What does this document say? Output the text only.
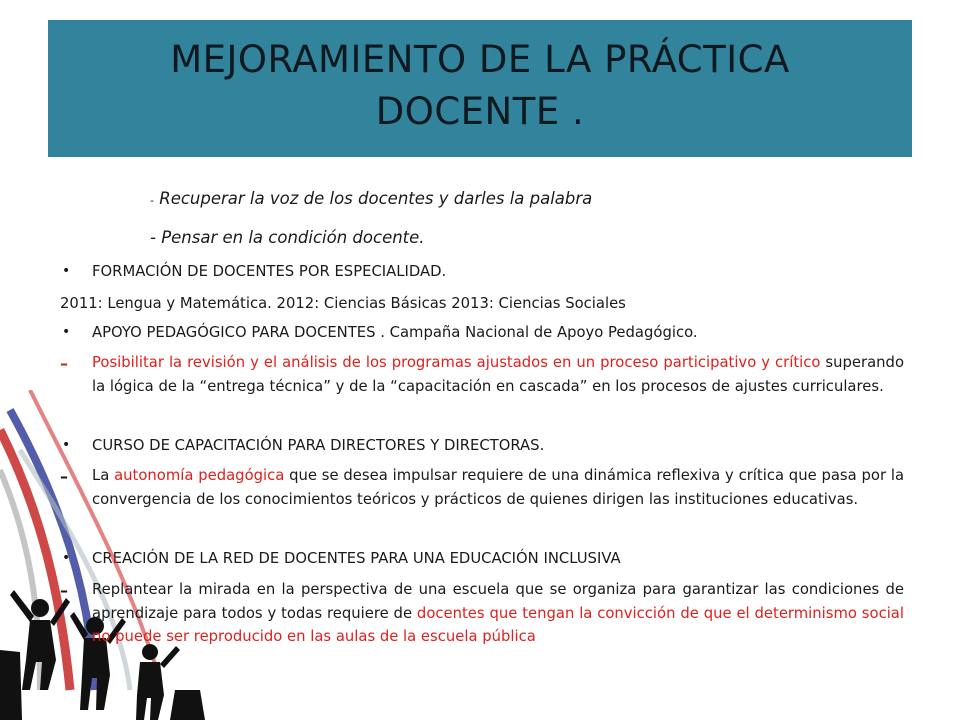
MEJORAMIENTO DE LA PRÁCTICA
DOCENTE .
- Recuperar la voz de los docentes y darles la palabra
- Pensar en la condición docente.
• FORMACIÓN DE DOCENTES POR ESPECIALIDAD.
2011: Lengua y Matemática. 2012: Ciencias Básicas 2013: Ciencias Sociales
• APOYO PEDAGÓGICO PARA DOCENTES . Campaña Nacional de Apoyo Pedagógico.
– Posibilitar la revisión y el análisis de los programas ajustados en un proceso participativo y crítico superando la lógica de la “entrega técnica” y de la “capacitación en cascada” en los procesos de ajustes curriculares.
• CURSO DE CAPACITACIÓN PARA DIRECTORES Y DIRECTORAS.
– La autonomía pedagógica que se desea impulsar requiere de una dinámica reflexiva y crítica que pasa por la convergencia de los conocimientos teóricos y prácticos de quienes dirigen las instituciones educativas.
• CREACIÓN DE LA RED DE DOCENTES PARA UNA EDUCACIÓN INCLUSIVA
– Replantear la mirada en la perspectiva de una escuela que se organiza para garantizar las condiciones de aprendizaje para todos y todas requiere de docentes que tengan la convicción de que el determinismo social no puede ser reproducido en las aulas de la escuela pública
